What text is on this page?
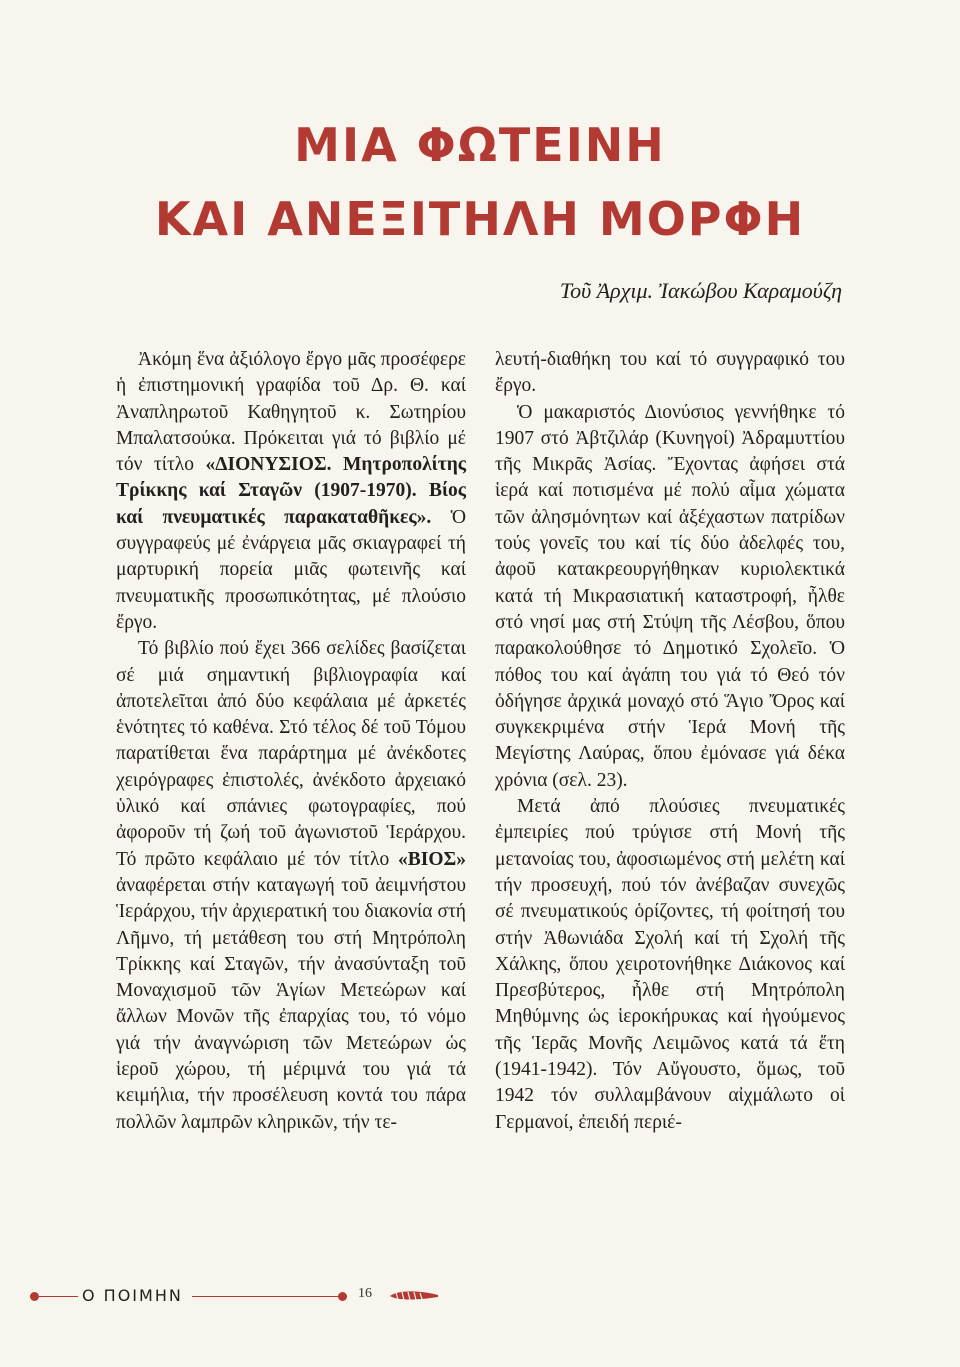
ΜΙΑ ΦΩΤΕΙΝΗ
ΚΑΙ ΑΝΕΞΙΤΗΛΗ ΜΟΡΦΗ
Τοῦ Ἀρχιμ. Ἰακώβου Καραμούζη

Ἀκόμη ἕνα ἀξιόλογο ἔργο μᾶς προσέφερε ἡ ἐπιστημονική γραφίδα τοῦ Δρ. Θ. καί Ἀναπληρωτοῦ Καθηγητοῦ κ. Σωτηρίου Μπαλατσούκα. Πρόκειται γιά τό βιβλίο μέ τόν τίτλο «ΔΙΟΝΥΣΙΟΣ. Μητροπολίτης Τρίκκης καί Σταγῶν (1907-1970). Βίος καί πνευματικές παρακαταθῆκες». Ὁ συγγραφεύς μέ ἐνάργεια μᾶς σκιαγραφεί τή μαρτυρική πορεία μιᾶς φωτεινῆς καί πνευματικῆς προσωπικότητας, μέ πλούσιο ἔργο.

Τό βιβλίο πού ἔχει 366 σελίδες βασίζεται σέ μιά σημαντική βιβλιογραφία καί ἀποτελεῖται ἀπό δύο κεφάλαια μέ ἀρκετές ἑνότητες τό καθένα. Στό τέλος δέ τοῦ Τόμου παρατίθεται ἕνα παράρτημα μέ ἀνέκδοτες χειρόγραφες ἐπιστολές, ἀνέκδοτο ἀρχειακό ὑλικό καί σπάνιες φωτογραφίες, πού ἀφοροῦν τή ζωή τοῦ ἀγωνιστοῦ Ἱεράρχου. Τό πρῶτο κεφάλαιο μέ τόν τίτλο «ΒΙΟΣ» ἀναφέρεται στήν καταγωγή τοῦ ἀειμνήστου Ἱεράρχου, τήν ἀρχιερατική του διακονία στή Λῆμνο, τή μετάθεση του στή Μητρόπολη Τρίκκης καί Σταγῶν, τήν ἀνασύνταξη τοῦ Μοναχισμοῦ τῶν Ἁγίων Μετεώρων καί ἄλλων Μονῶν τῆς ἐπαρχίας του, τό νόμο γιά τήν ἀναγνώριση τῶν Μετεώρων ὡς ἱεροῦ χώρου, τή μέριμνά του γιά τά κειμήλια, τήν προσέλευση κοντά του πάρα πολλῶν λαμπρῶν κληρικῶν, τήν τε-

λευτή-διαθήκη του καί τό συγγραφικό του ἔργο.

Ὁ μακαριστός Διονύσιος γεννήθηκε τό 1907 στό Ἀβτζιλάρ (Κυνηγοί) Ἀδραμυττίου τῆς Μικρᾶς Ἀσίας. Ἔχοντας ἀφήσει στά ἱερά καί ποτισμένα μέ πολύ αἷμα χώματα τῶν ἀλησμόνητων καί ἀξέχαστων πατρίδων τούς γονεῖς του καί τίς δύο ἀδελφές του, ἀφοῦ κατακρεουργήθηκαν κυριολεκτικά κατά τή Μικρασιατική καταστροφή, ἦλθε στό νησί μας στή Στύψη τῆς Λέσβου, ὅπου παρακολούθησε τό Δημοτικό Σχολεῖο. Ὁ πόθος του καί ἀγάπη του γιά τό Θεό τόν ὁδήγησε ἀρχικά μοναχό στό Ἅγιο Ὄρος καί συγκεκριμένα στήν Ἱερά Μονή τῆς Μεγίστης Λαύρας, ὅπου ἐμόνασε γιά δέκα χρόνια (σελ. 23).

Μετά ἀπό πλούσιες πνευματικές ἐμπειρίες πού τρύγισε στή Μονή τῆς μετανοίας του, ἀφοσιωμένος στή μελέτη καί τήν προσευχή, πού τόν ἀνέβαζαν συνεχῶς σέ πνευματικούς ὁρίζοντες, τή φοίτησή του στήν Ἀθωνιάδα Σχολή καί τή Σχολή τῆς Χάλκης, ὅπου χειροτονήθηκε Διάκονος καί Πρεσβύτερος, ἦλθε στή Μητρόπολη Μηθύμνης ὡς ἱεροκήρυκας καί ἡγούμενος τῆς Ἱερᾶς Μονῆς Λειμῶνος κατά τά ἔτη (1941-1942). Τόν Αὔγουστο, ὅμως, τοῦ 1942 τόν συλλαμβάνουν αἰχμάλωτο οἱ Γερμανοί, ἐπειδή περιέ-

Ο ΠΟΙΜΗΝ	16
